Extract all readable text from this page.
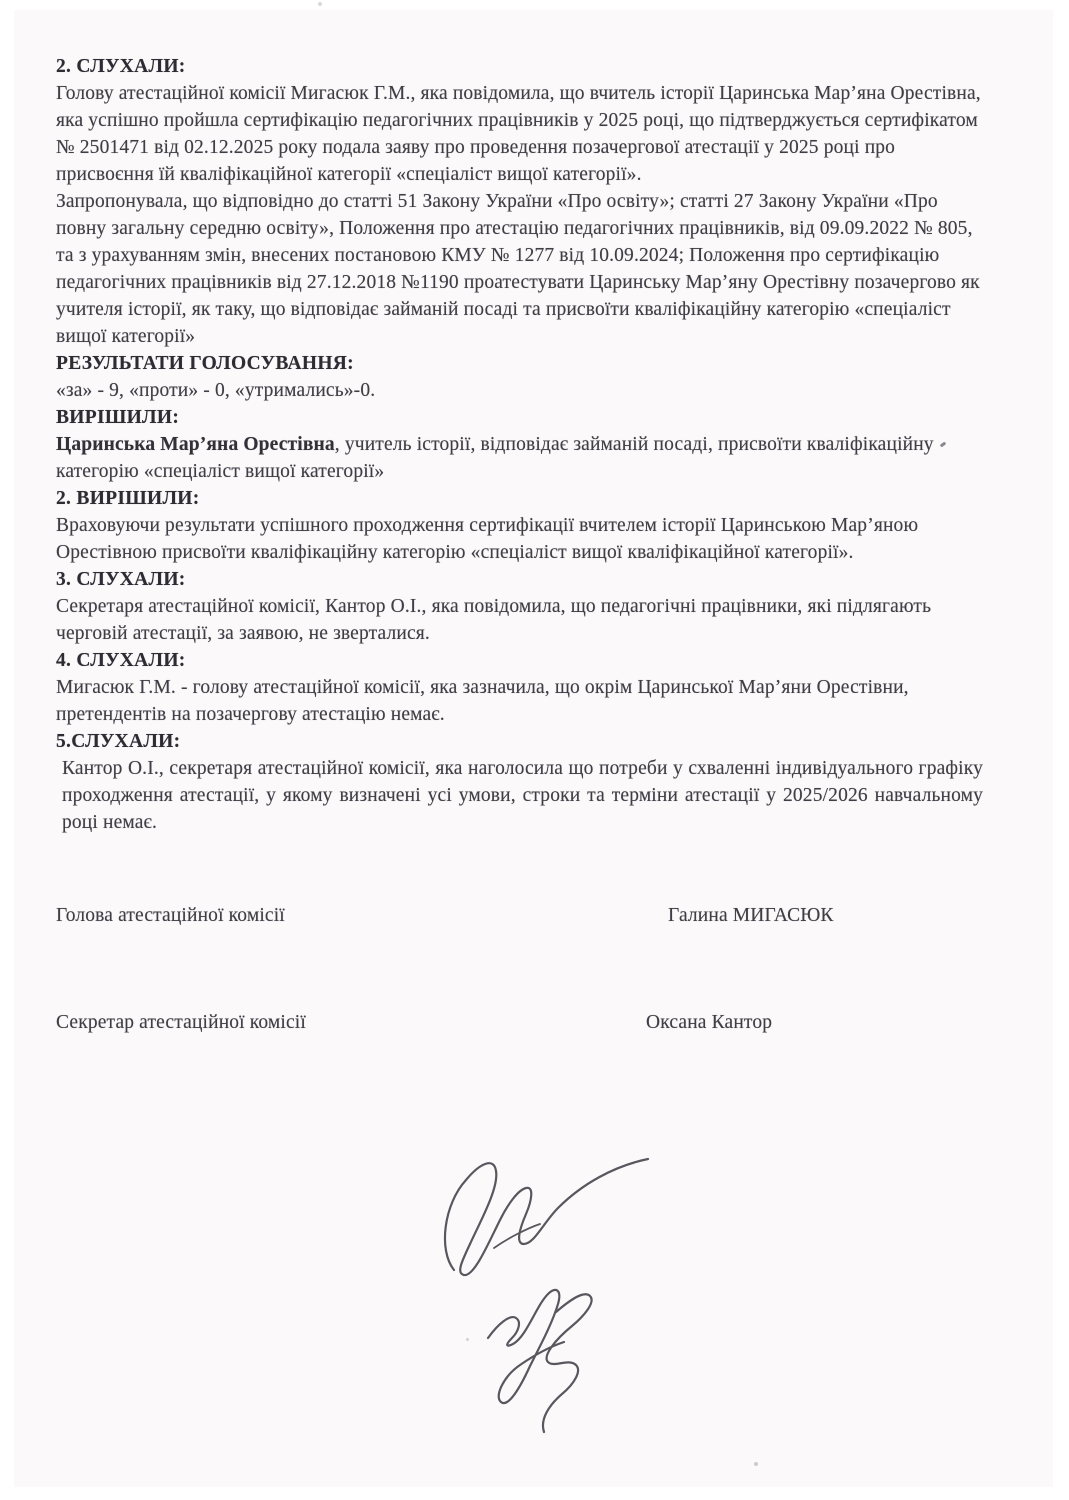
2. СЛУХАЛИ:

Голову атестаційної комісії Мигасюк Г.М., яка повідомила, що вчитель історії Царинська Мар’яна Орестівна, яка успішно пройшла сертифікацію педагогічних працівників у 2025 році, що підтверджується сертифікатом № 2501471 від 02.12.2025 року подала заяву про проведення позачергової атестації у 2025 році про присвоєння їй кваліфікаційної категорії «спеціаліст вищої категорії».

Запропонувала, що відповідно до статті 51 Закону України «Про освіту»; статті 27 Закону України «Про повну загальну середню освіту», Положення про атестацію педагогічних працівників, від 09.09.2022 № 805, та з урахуванням змін, внесених постановою КМУ № 1277 від 10.09.2024; Положення про сертифікацію педагогічних працівників від 27.12.2018 №1190 проатестувати Царинську Мар’яну Орестівну позачергово як учителя історії, як таку, що відповідає займаній посаді та присвоїти кваліфікаційну категорію «спеціаліст вищої категорії»

РЕЗУЛЬТАТИ ГОЛОСУВАННЯ:

«за» - 9, «проти» - 0, «утримались»-0.

ВИРІШИЛИ:

Царинська Мар’яна Орестівна, учитель історії, відповідає займаній посаді, присвоїти кваліфікаційну категорію «спеціаліст вищої категорії»

2. ВИРІШИЛИ:

Враховуючи результати успішного проходження сертифікації вчителем історії Царинською Мар’яною Орестівною присвоїти кваліфікаційну категорію «спеціаліст вищої кваліфікаційної категорії».

3. СЛУХАЛИ:

Секретаря атестаційної комісії, Кантор О.І., яка повідомила, що педагогічні працівники, які підлягають черговій атестації, за заявою, не зверталися.

4. СЛУХАЛИ:

Мигасюк Г.М. - голову атестаційної комісії, яка зазначила, що окрім Царинської Мар’яни Орестівни, претендентів на позачергову атестацію немає.

5.СЛУХАЛИ:

Кантор О.І., секретаря атестаційної комісії, яка наголосила що потреби у схваленні індивідуального графіку проходження атестації, у якому визначені усі умови, строки та терміни атестації у 2025/2026 навчальному році немає.

Голова атестаційної комісії	Галина МИГАСЮК
Секретар атестаційної комісії	Оксана Кантор
